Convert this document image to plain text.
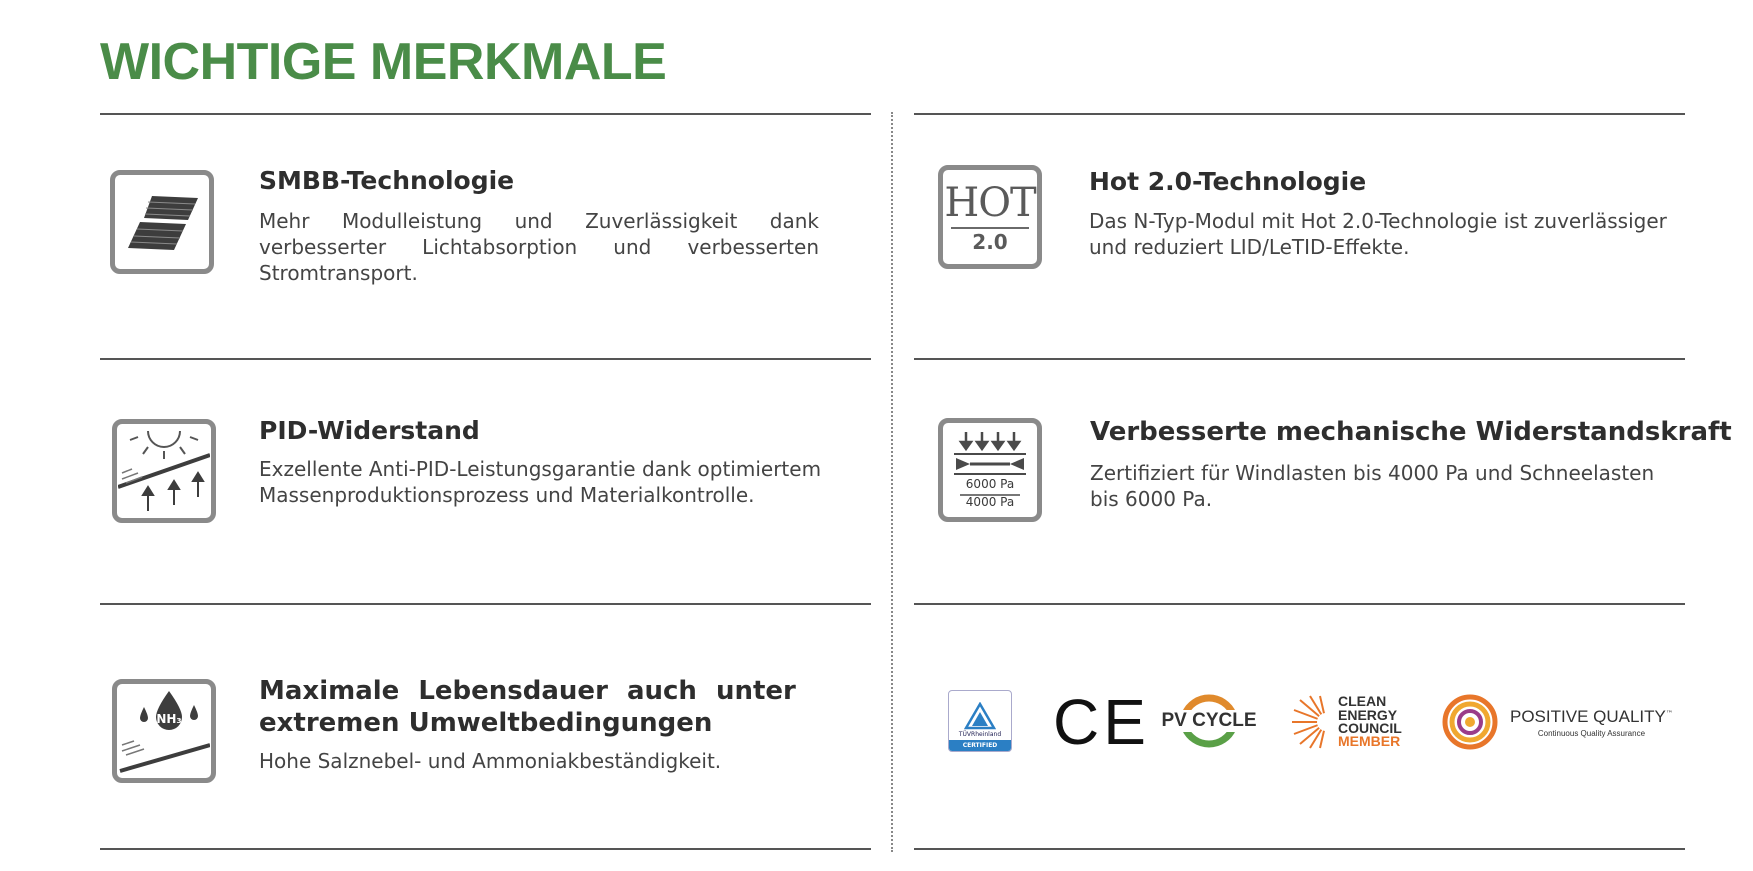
WICHTIGE MERKMALE
SMBB-Technologie
Mehr Modulleistung und Zuverlässigkeit dank verbesserter Lichtabsorption und verbesserten Stromtransport.
HOT
2.0
Hot 2.0-Technologie
Das N-Typ-Modul mit Hot 2.0-Technologie ist zuverlässiger und reduziert LID/LeTID-Effekte.
PID-Widerstand
Exzellente Anti-PID-Leistungsgarantie dank optimiertem Massenproduktionsprozess und Materialkontrolle.	6000 Pa
4000 Pa
Verbesserte mechanische Widerstandskraft
Zertifiziert für Windlasten bis 4000 Pa und Schneelasten bis 6000 Pa.
NH₃
Maximale Lebensdauer auch unter
extremen Umweltbedingungen
Hohe Salznebel- und Ammoniakbeständigkeit.
TÜVRheinland
CERTIFIED CE PV CYCLE
CLEAN
ENERGY
COUNCIL
MEMBER
POSITIVE QUALITY™
Continuous Quality Assurance
